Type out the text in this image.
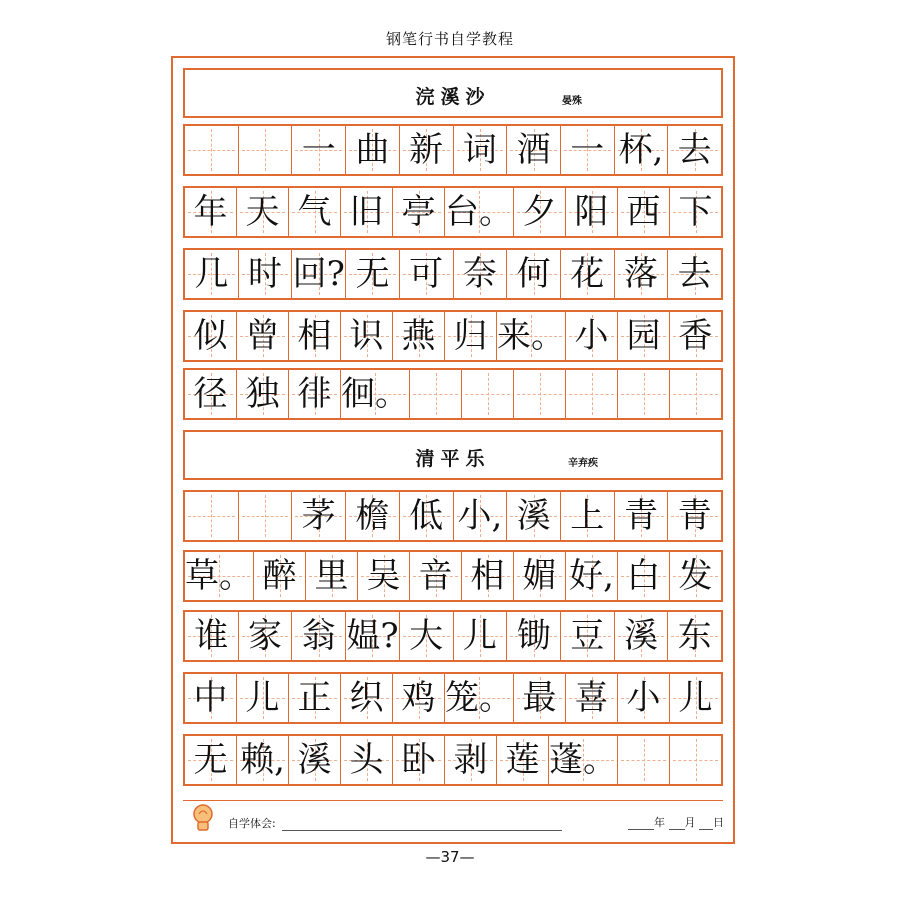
钢笔行书自学教程
浣溪沙	晏殊
一 曲 新 词 酒 一 杯, 去
年 天 气 旧 亭 台。 夕 阳 西 下
几 时 回? 无 可 奈 何 花 落 去
似 曾 相 识 燕 归 来。 小 园 香
径 独 徘 徊。
清平乐	辛弃疾
茅 檐 低 小, 溪 上 青 青
草。 醉 里 吴 音 相 媚 好, 白 发
谁 家 翁 媪? 大 儿 锄 豆 溪 东
中 儿 正 织 鸡 笼。 最 喜 小 儿
无 赖, 溪 头 卧 剥 莲 蓬。
自学体会:	年 月 日
—37—
